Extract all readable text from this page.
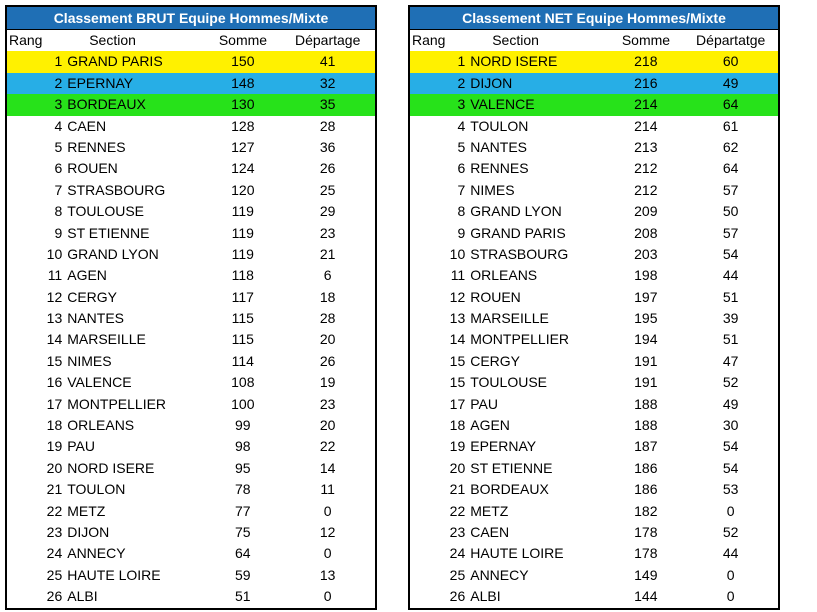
Classement BRUT Equipe Hommes/Mixte
Rang	Section	Somme	Départage
1 GRAND PARIS	150	41
2 EPERNAY	148	32
3 BORDEAUX	130	35
4 CAEN	128	28
5 RENNES	127	36
6 ROUEN	124	26
7 STRASBOURG	120	25
8 TOULOUSE	119	29
9 ST ETIENNE	119	23
10 GRAND LYON	119	21
11 AGEN	118	6
12 CERGY	117	18
13 NANTES	115	28
14 MARSEILLE	115	20
15 NIMES	114	26
16 VALENCE	108	19
17 MONTPELLIER	100	23
18 ORLEANS	99	20
19 PAU	98	22
20 NORD ISERE	95	14
21 TOULON	78	11
22 METZ	77	0
23 DIJON	75	12
24 ANNECY	64	0
25 HAUTE LOIRE	59	13
26 ALBI	51	0
Classement NET Equipe Hommes/Mixte
Rang	Section	Somme	Départatge
1 NORD ISERE	218	60
2 DIJON	216	49
3 VALENCE	214	64
4 TOULON	214	61
5 NANTES	213	62
6 RENNES	212	64
7 NIMES	212	57
8 GRAND LYON	209	50
9 GRAND PARIS	208	57
10 STRASBOURG	203	54
11 ORLEANS	198	44
12 ROUEN	197	51
13 MARSEILLE	195	39
14 MONTPELLIER	194	51
15 CERGY	191	47
15 TOULOUSE	191	52
17 PAU	188	49
18 AGEN	188	30
19 EPERNAY	187	54
20 ST ETIENNE	186	54
21 BORDEAUX	186	53
22 METZ	182	0
23 CAEN	178	52
24 HAUTE LOIRE	178	44
25 ANNECY	149	0
26 ALBI	144	0
